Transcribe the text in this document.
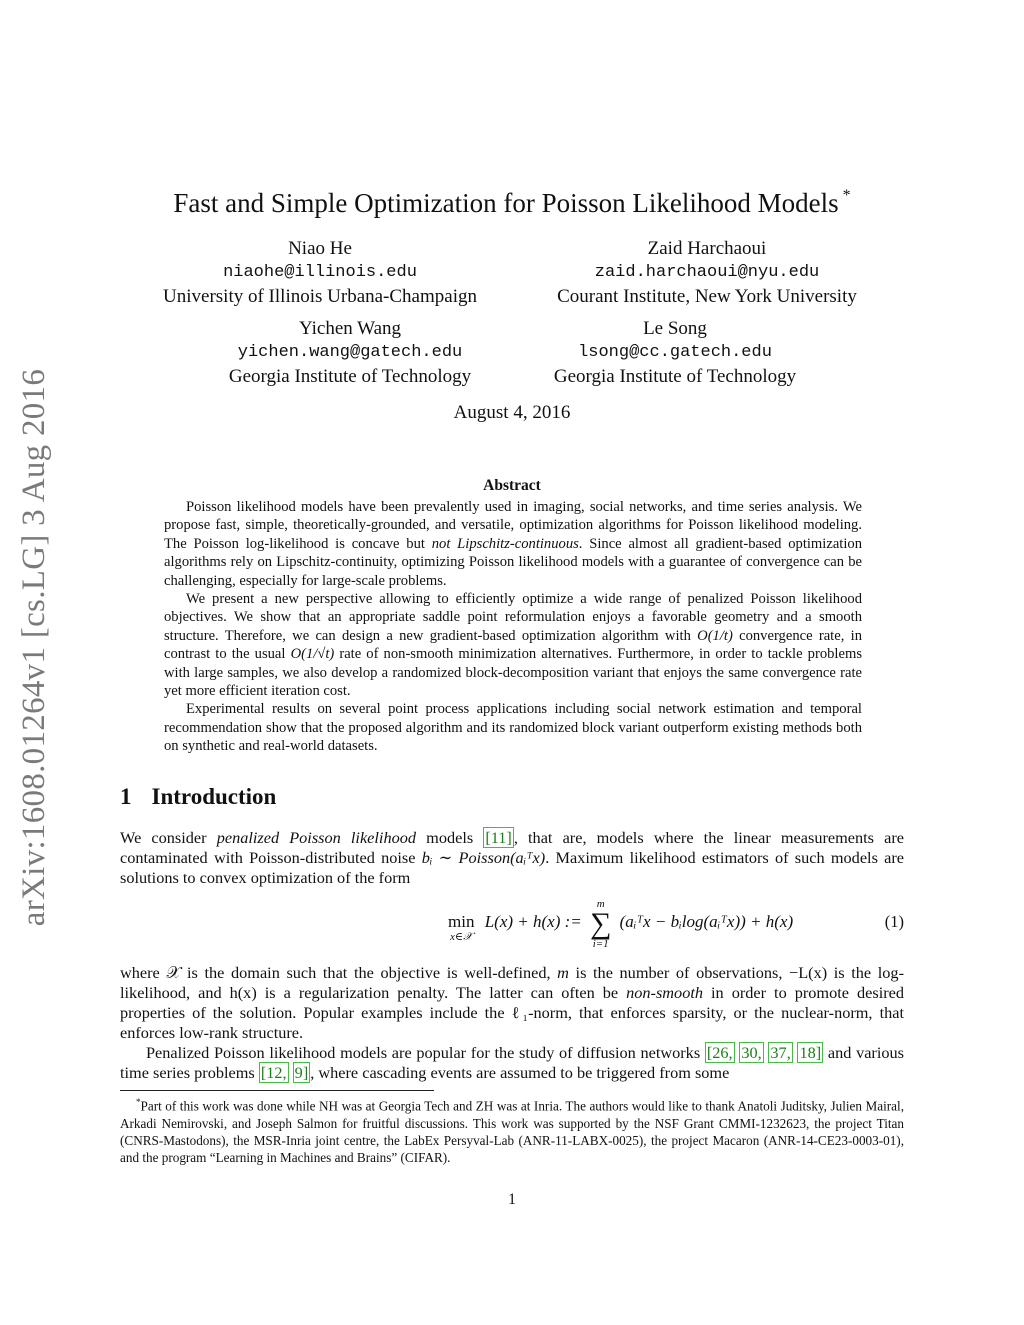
arXiv:1608.01264v1 [cs.LG] 3 Aug 2016
Fast and Simple Optimization for Poisson Likelihood Models *
Niao He
niaohe@illinois.edu
University of Illinois Urbana-Champaign
Zaid Harchaoui
zaid.harchaoui@nyu.edu
Courant Institute, New York University
Yichen Wang
yichen.wang@gatech.edu
Georgia Institute of Technology
Le Song
lsong@cc.gatech.edu
Georgia Institute of Technology
August 4, 2016
Abstract

Poisson likelihood models have been prevalently used in imaging, social networks, and time series analysis. We propose fast, simple, theoretically-grounded, and versatile, optimization algorithms for Poisson likelihood modeling. The Poisson log-likelihood is concave but not Lipschitz-continuous. Since almost all gradient-based optimization algorithms rely on Lipschitz-continuity, optimizing Poisson likelihood models with a guarantee of convergence can be challenging, especially for large-scale problems.

We present a new perspective allowing to efficiently optimize a wide range of penalized Poisson likelihood objectives. We show that an appropriate saddle point reformulation enjoys a favorable geometry and a smooth structure. Therefore, we can design a new gradient-based optimization algorithm with O(1/t) convergence rate, in contrast to the usual O(1/√t) rate of non-smooth minimization alternatives. Furthermore, in order to tackle problems with large samples, we also develop a randomized block-decomposition variant that enjoys the same convergence rate yet more efficient iteration cost.

Experimental results on several point process applications including social network estimation and temporal recommendation show that the proposed algorithm and its randomized block variant outperform existing methods both on synthetic and real-world datasets.

1 Introduction

We consider penalized Poisson likelihood models [11] , that are, models where the linear measurements are contaminated with Poisson-distributed noise bᵢ ∼ Poisson(aᵢᵀx). Maximum likelihood estimators of such models are solutions to convex optimization of the form

min
x∈𝒳
L(x) + h(x) :=
m
∑
i=1
(aᵢᵀx − bᵢlog(aᵢᵀx)) + h(x)	(1)

where 𝒳 is the domain such that the objective is well-defined, m is the number of observations, −L(x) is the log-likelihood, and h(x) is a regularization penalty. The latter can often be non-smooth in order to promote desired properties of the solution. Popular examples include the ℓ₁-norm, that enforces sparsity, or the nuclear-norm, that enforces low-rank structure.

Penalized Poisson likelihood models are popular for the study of diffusion networks [26, 30, 37, 18] and various time series problems [12, 9] , where cascading events are assumed to be triggered from some

*Part of this work was done while NH was at Georgia Tech and ZH was at Inria. The authors would like to thank Anatoli Juditsky, Julien Mairal, Arkadi Nemirovski, and Joseph Salmon for fruitful discussions. This work was supported by the NSF Grant CMMI-1232623, the project Titan (CNRS-Mastodons), the MSR-Inria joint centre, the LabEx Persyval-Lab (ANR-11-LABX-0025), the project Macaron (ANR-14-CE23-0003-01), and the program “Learning in Machines and Brains” (CIFAR).
1
